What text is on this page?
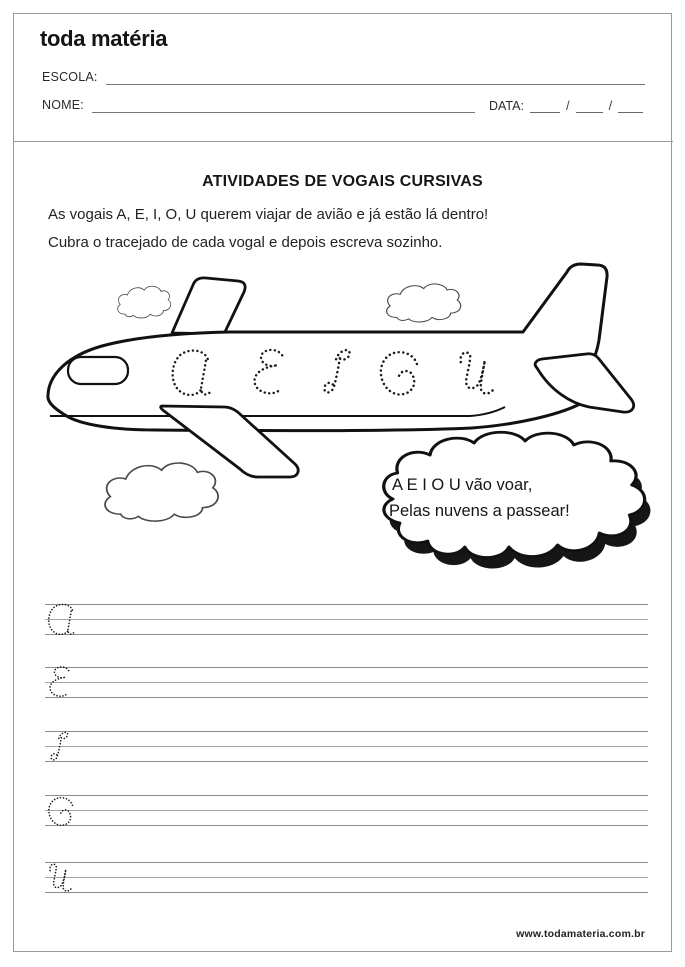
toda matéria
ESCOLA:
NOME:	DATA:	/	/
ATIVIDADES DE VOGAIS CURSIVAS
As vogais A, E, I, O, U querem viajar de avião e já estão lá dentro!
Cubra o tracejado de cada vogal e depois escreva sozinho.
A E I O U vão voar,
Pelas nuvens a passear!
www.todamateria.com.br
